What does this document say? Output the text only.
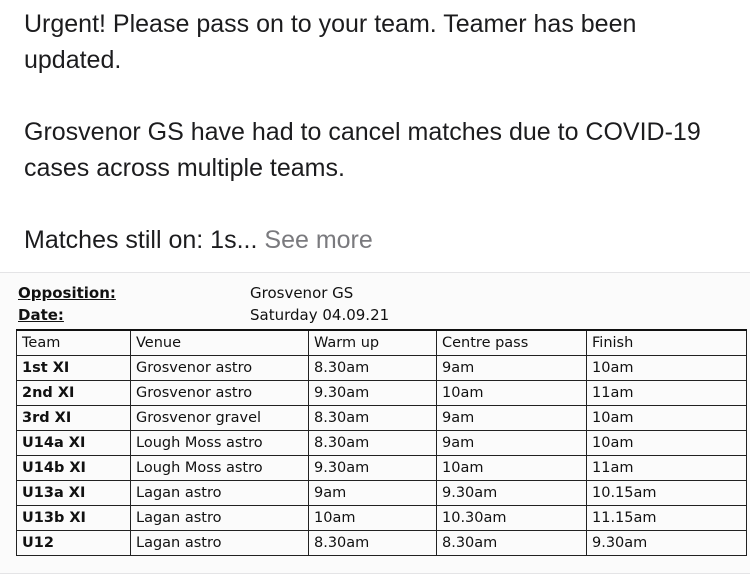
Urgent! Please pass on to your team. Teamer has been updated.

Grosvenor GS have had to cancel matches due to COVID-19 cases across multiple teams.

Matches still on: 1s... See more

Opposition:	Grosvenor GS
Date:	Saturday 04.09.21
Team	Venue	Warm up	Centre pass	Finish
1st XI	Grosvenor astro	8.30am	9am	10am
2nd XI	Grosvenor astro	9.30am	10am	11am
3rd XI	Grosvenor gravel	8.30am	9am	10am
U14a XI	Lough Moss astro	8.30am	9am	10am
U14b XI	Lough Moss astro	9.30am	10am	11am
U13a XI	Lagan astro	9am	9.30am	10.15am
U13b XI	Lagan astro	10am	10.30am	11.15am
U12	Lagan astro	8.30am	8.30am	9.30am
